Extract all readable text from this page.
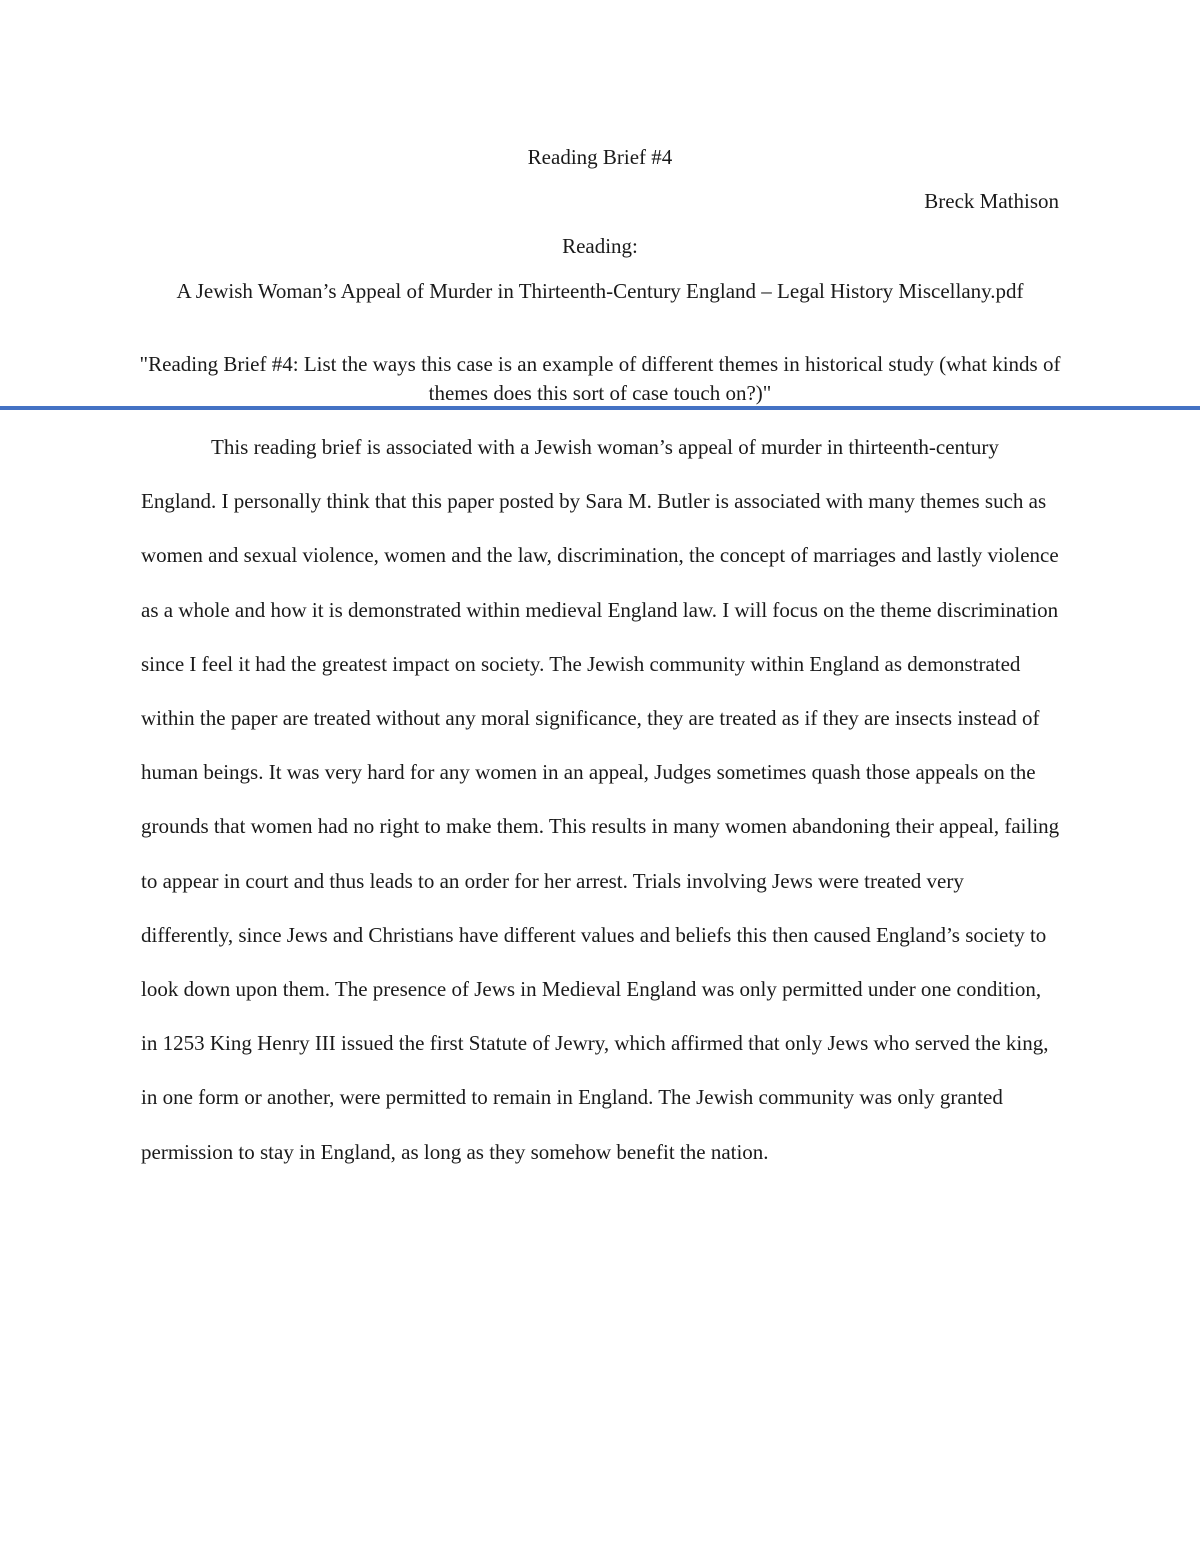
Reading Brief #4
Breck Mathison
Reading:
A Jewish Woman’s Appeal of Murder in Thirteenth-Century England – Legal History Miscellany.pdf
"Reading Brief #4: List the ways this case is an example of different themes in historical study (what kinds of themes does this sort of case touch on?)"

This reading brief is associated with a Jewish woman’s appeal of murder in thirteenth-century England. I personally think that this paper posted by Sara M. Butler is associated with many themes such as women and sexual violence, women and the law, discrimination, the concept of marriages and lastly violence as a whole and how it is demonstrated within medieval England law. I will focus on the theme discrimination since I feel it had the greatest impact on society. The Jewish community within England as demonstrated within the paper are treated without any moral significance, they are treated as if they are insects instead of human beings. It was very hard for any women in an appeal, Judges sometimes quash those appeals on the grounds that women had no right to make them. This results in many women abandoning their appeal, failing to appear in court and thus leads to an order for her arrest. Trials involving Jews were treated very differently, since Jews and Christians have different values and beliefs this then caused England’s society to look down upon them. The presence of Jews in Medieval England was only permitted under one condition, in 1253 King Henry III issued the first Statute of Jewry, which affirmed that only Jews who served the king, in one form or another, were permitted to remain in England. The Jewish community was only granted permission to stay in England, as long as they somehow benefit the nation.
